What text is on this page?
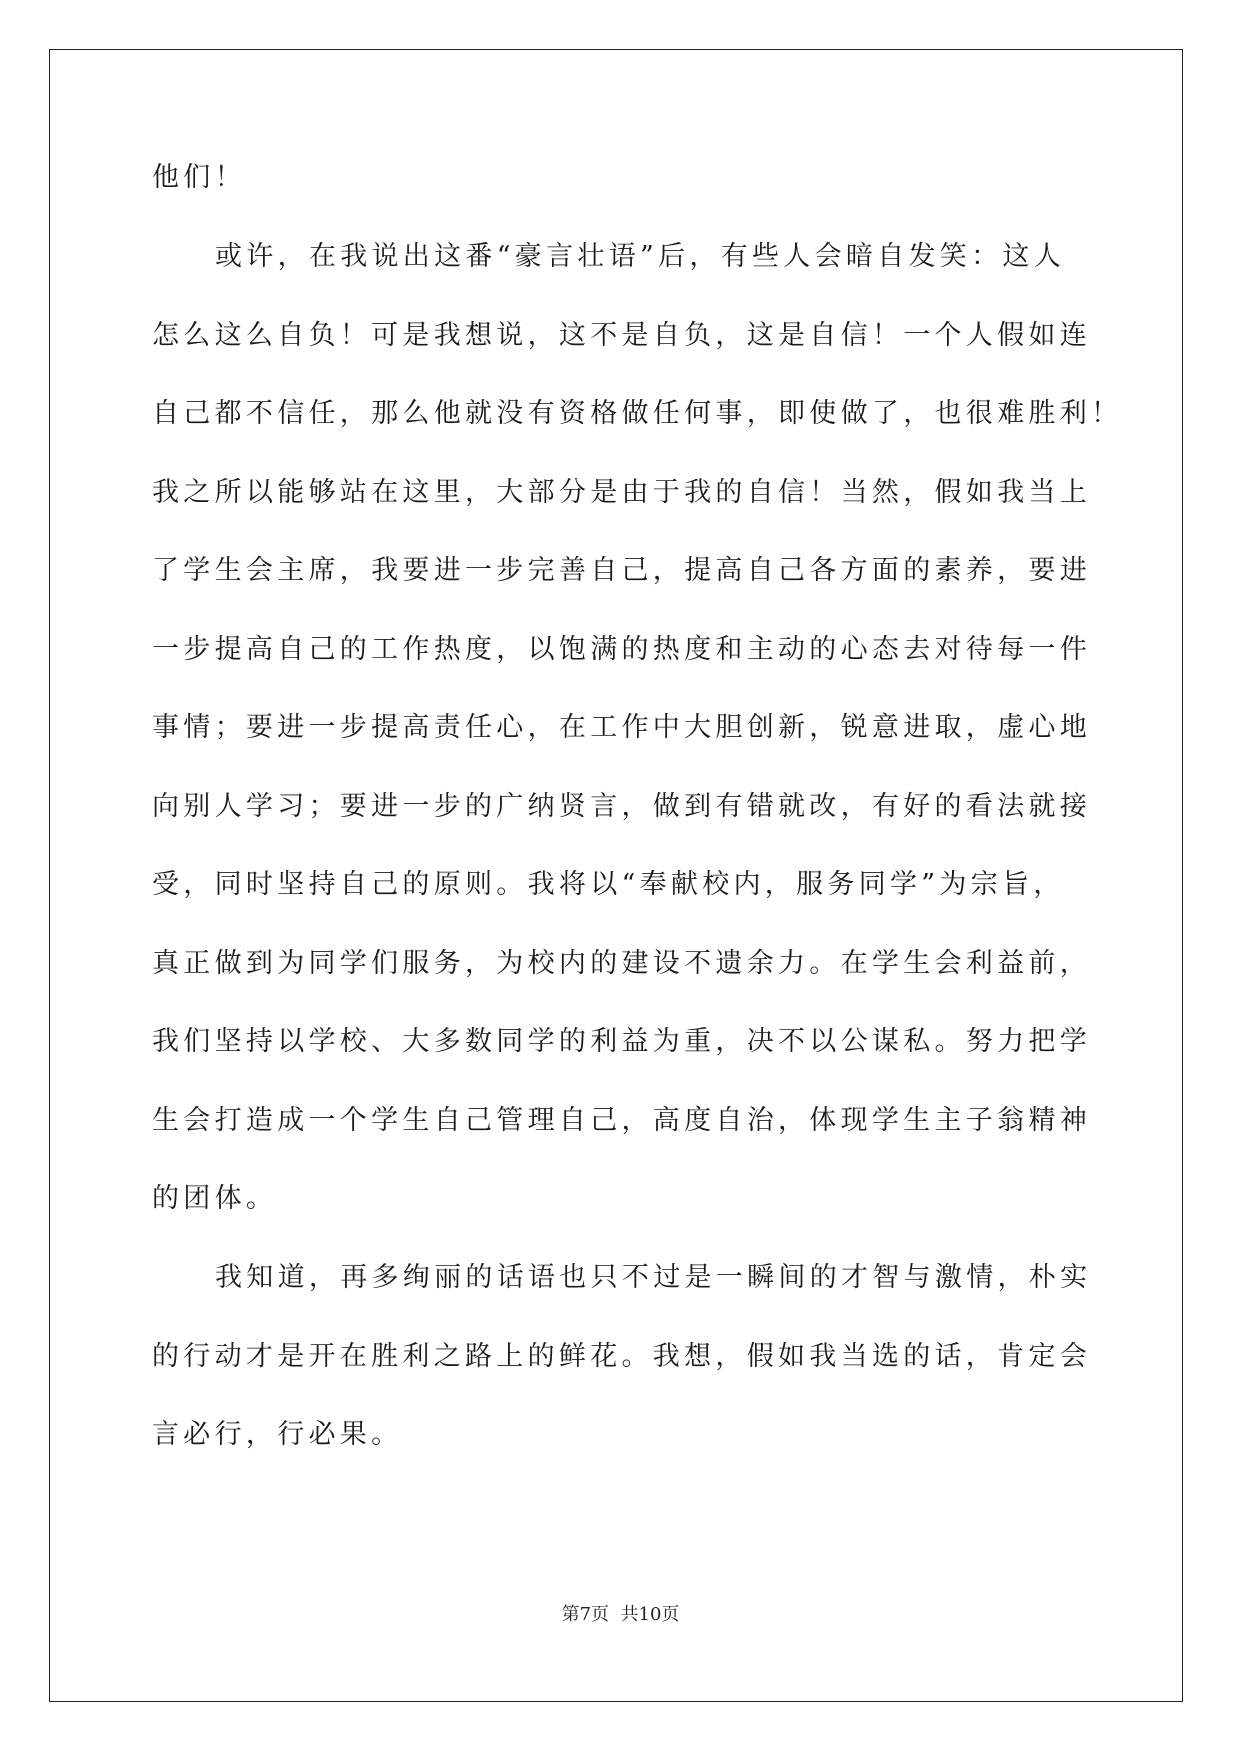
他们！
或许，在我说出这番“豪言壮语”后，有些人会暗自发笑：这人
怎么这么自负！可是我想说，这不是自负，这是自信！一个人假如连
自己都不信任，那么他就没有资格做任何事，即使做了，也很难胜利！
我之所以能够站在这里，大部分是由于我的自信！当然，假如我当上
了学生会主席，我要进一步完善自己，提高自己各方面的素养，要进
一步提高自己的工作热度，以饱满的热度和主动的心态去对待每一件
事情；要进一步提高责任心，在工作中大胆创新，锐意进取，虚心地
向别人学习；要进一步的广纳贤言，做到有错就改，有好的看法就接
受，同时坚持自己的原则。我将以“奉献校内，服务同学”为宗旨，
真正做到为同学们服务，为校内的建设不遗余力。在学生会利益前，
我们坚持以学校、大多数同学的利益为重，决不以公谋私。努力把学
生会打造成一个学生自己管理自己，高度自治，体现学生主子翁精神
的团体。
我知道，再多绚丽的话语也只不过是一瞬间的才智与激情，朴实
的行动才是开在胜利之路上的鲜花。我想，假如我当选的话，肯定会
言必行，行必果。
第7页  共10页
